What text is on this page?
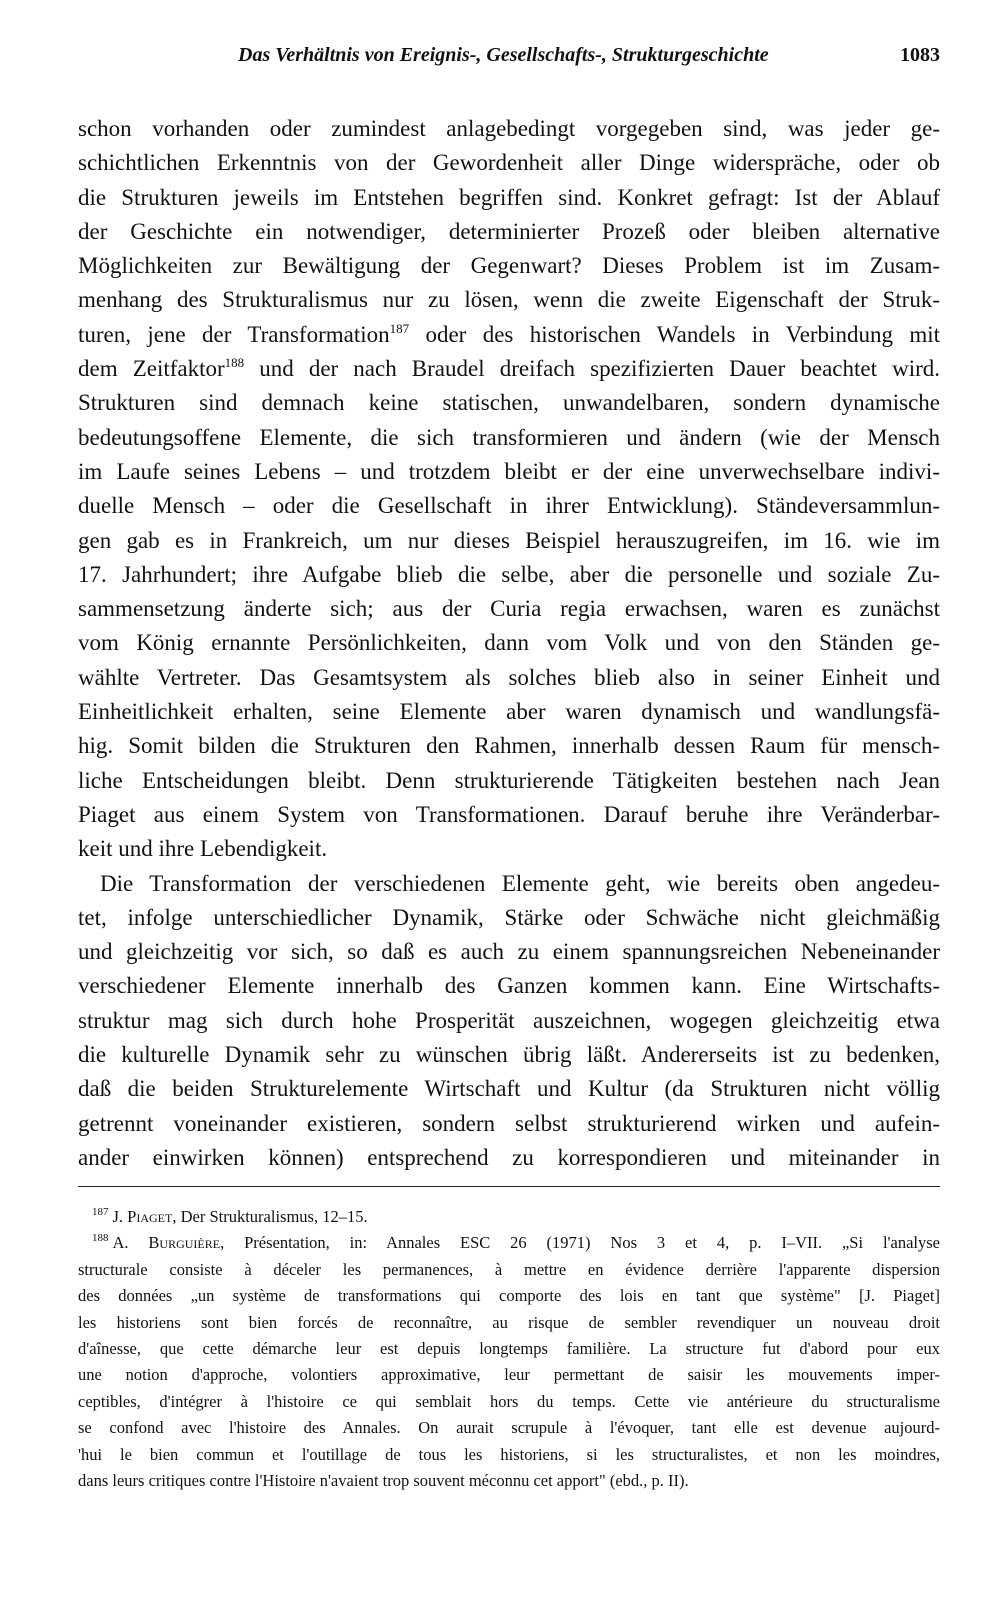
Das Verhältnis von Ereignis-, Gesellschafts-, Strukturgeschichte	1083
schon vorhanden oder zumindest anlagebedingt vorgegeben sind, was jeder ge-
schichtlichen Erkenntnis von der Gewordenheit aller Dinge widerspräche, oder ob
die Strukturen jeweils im Entstehen begriffen sind. Konkret gefragt: Ist der Ablauf
der Geschichte ein notwendiger, determinierter Prozeß oder bleiben alternative
Möglichkeiten zur Bewältigung der Gegenwart? Dieses Problem ist im Zusam-
menhang des Strukturalismus nur zu lösen, wenn die zweite Eigenschaft der Struk-
turen, jene der Transformation$^{187}$ oder des historischen Wandels in Verbindung mit
dem Zeitfaktor$^{188}$ und der nach Braudel dreifach spezifizierten Dauer beachtet wird.
Strukturen sind demnach keine statischen, unwandelbaren, sondern dynamische
bedeutungsoffene Elemente, die sich transformieren und ändern (wie der Mensch
im Laufe seines Lebens – und trotzdem bleibt er der eine unverwechselbare indivi-
duelle Mensch – oder die Gesellschaft in ihrer Entwicklung). Ständeversammlun-
gen gab es in Frankreich, um nur dieses Beispiel herauszugreifen, im 16. wie im
17. Jahrhundert; ihre Aufgabe blieb die selbe, aber die personelle und soziale Zu-
sammensetzung änderte sich; aus der Curia regia erwachsen, waren es zunächst
vom König ernannte Persönlichkeiten, dann vom Volk und von den Ständen ge-
wählte Vertreter. Das Gesamtsystem als solches blieb also in seiner Einheit und
Einheitlichkeit erhalten, seine Elemente aber waren dynamisch und wandlungsfä-
hig. Somit bilden die Strukturen den Rahmen, innerhalb dessen Raum für mensch-
liche Entscheidungen bleibt. Denn strukturierende Tätigkeiten bestehen nach Jean
Piaget aus einem System von Transformationen. Darauf beruhe ihre Veränderbar-
keit und ihre Lebendigkeit.
Die Transformation der verschiedenen Elemente geht, wie bereits oben angedeu-
tet, infolge unterschiedlicher Dynamik, Stärke oder Schwäche nicht gleichmäßig
und gleichzeitig vor sich, so daß es auch zu einem spannungsreichen Nebeneinander
verschiedener Elemente innerhalb des Ganzen kommen kann. Eine Wirtschafts-
struktur mag sich durch hohe Prosperität auszeichnen, wogegen gleichzeitig etwa
die kulturelle Dynamik sehr zu wünschen übrig läßt. Andererseits ist zu bedenken,
daß die beiden Strukturelemente Wirtschaft und Kultur (da Strukturen nicht völlig
getrennt voneinander existieren, sondern selbst strukturierend wirken und aufein-
ander einwirken können) entsprechend zu korrespondieren und miteinander in
$^{187}$ J. Piaget, Der Strukturalismus, 12–15.
$^{188}$ A. Burguière, Présentation, in: Annales ESC 26 (1971) Nos 3 et 4, p. I–VII. „Si l'analyse
structurale consiste à déceler les permanences, à mettre en évidence derrière l'apparente dispersion
des données „un système de transformations qui comporte des lois en tant que système" [J. Piaget]
les historiens sont bien forcés de reconnaître, au risque de sembler revendiquer un nouveau droit
d'aînesse, que cette démarche leur est depuis longtemps familière. La structure fut d'abord pour eux
une notion d'approche, volontiers approximative, leur permettant de saisir les mouvements imper-
ceptibles, d'intégrer à l'histoire ce qui semblait hors du temps. Cette vie antérieure du structuralisme
se confond avec l'histoire des Annales. On aurait scrupule à l'évoquer, tant elle est devenue aujourd-
'hui le bien commun et l'outillage de tous les historiens, si les structuralistes, et non les moindres,
dans leurs critiques contre l'Histoire n'avaient trop souvent méconnu cet apport" (ebd., p. II).
